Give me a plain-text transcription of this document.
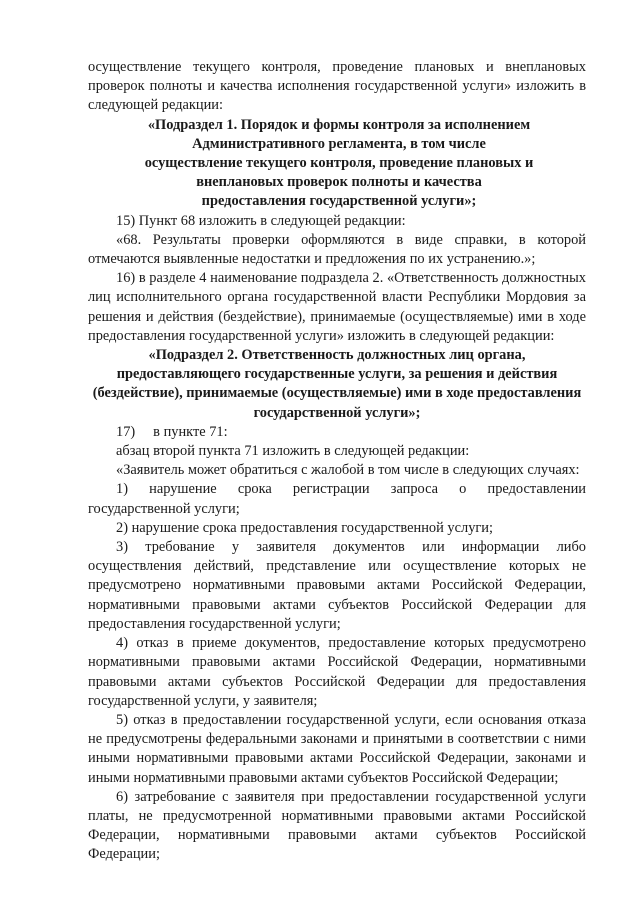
осуществление текущего контроля, проведение плановых и внеплановых проверок полноты и качества исполнения государственной услуги» изложить в следующей редакции:

«Подраздел 1. Порядок и формы контроля за исполнением Административного регламента, в том числе осуществление текущего контроля, проведение плановых и внеплановых проверок полноты и качества предоставления государственной услуги»;

15) Пункт 68 изложить в следующей редакции:

«68. Результаты проверки оформляются в виде справки, в которой отмечаются выявленные недостатки и предложения по их устранению.»;

16) в разделе 4 наименование подраздела 2. «Ответственность должностных лиц исполнительного органа государственной власти Республики Мордовия за решения и действия (бездействие), принимаемые (осуществляемые) ими в ходе предоставления государственной услуги» изложить в следующей редакции:

«Подраздел 2. Ответственность должностных лиц органа, предоставляющего государственные услуги, за решения и действия (бездействие), принимаемые (осуществляемые) ими в ходе предоставления государственной услуги»;

17)     в пункте 71:

абзац второй пункта 71 изложить в следующей редакции:

«Заявитель может обратиться с жалобой в том числе в следующих случаях:

1) нарушение срока регистрации запроса о предоставлении государственной услуги;

2) нарушение срока предоставления государственной услуги;

3) требование у заявителя документов или информации либо осуществления действий, представление или осуществление которых не предусмотрено нормативными правовыми актами Российской Федерации, нормативными правовыми актами субъектов Российской Федерации для предоставления государственной услуги;

4) отказ в приеме документов, предоставление которых предусмотрено нормативными правовыми актами Российской Федерации, нормативными правовыми актами субъектов Российской Федерации для предоставления государственной услуги, у заявителя;

5) отказ в предоставлении государственной услуги, если основания отказа не предусмотрены федеральными законами и принятыми в соответствии с ними иными нормативными правовыми актами Российской Федерации, законами и иными нормативными правовыми актами субъектов Российской Федерации;

6) затребование с заявителя при предоставлении государственной услуги платы, не предусмотренной нормативными правовыми актами Российской Федерации, нормативными правовыми актами субъектов Российской Федерации;
